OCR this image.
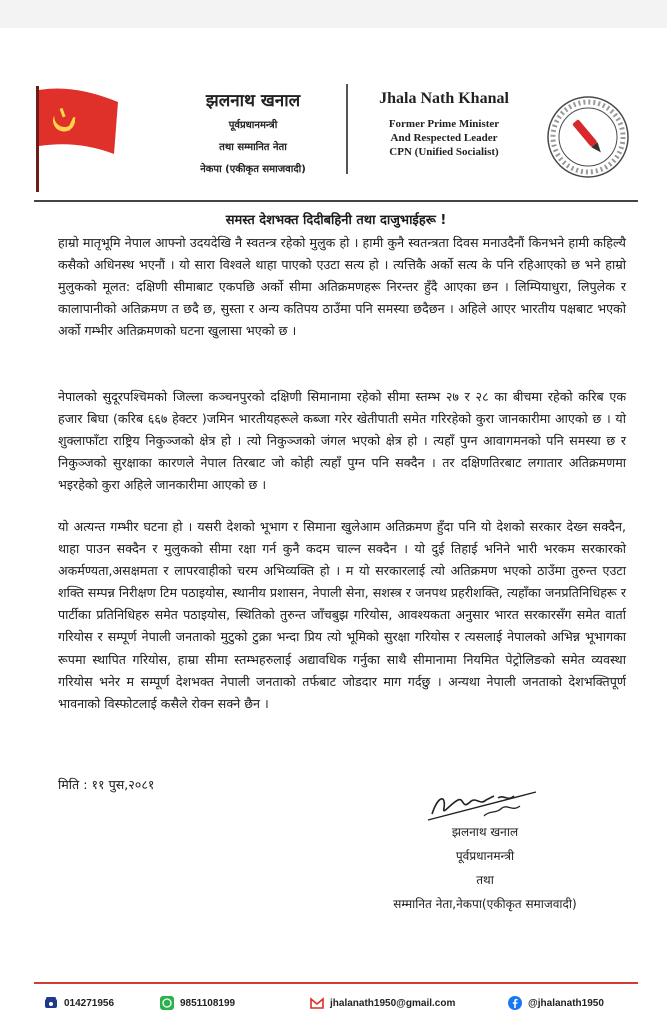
झलनाथ खनाल
पूर्वप्रधानमन्त्री
तथा सम्मानित नेता
नेकपा (एकीकृत समाजवादी)
Jhala Nath Khanal
Former Prime Minister
And Respected Leader
CPN (Unified Socialist)
समस्त देशभक्त दिदीबहिनी तथा दाजुभाईहरू !

हाम्रो मातृभूमि नेपाल आफ्नो उदयदेखि नै स्वतन्त्र रहेको मुलुक हो । हामी कुनै स्वतन्त्रता दिवस मनाउदैनौं किनभने हामी कहिल्यै कसैको अधिनस्थ भएनौं । यो सारा विश्वले थाहा पाएको एउटा सत्य हो । त्यत्तिकै अर्को सत्य के पनि रहिआएको छ भने हाम्रो मुलुकको मूलत: दक्षिणी सीमाबाट एकपछि अर्को सीमा अतिक्रमणहरू निरन्तर हुँदै आएका छन । लिम्पियाधुरा, लिपुलेक र कालापानीको अतिक्रमण त छदै छ, सुस्ता र अन्य कतिपय ठाउँमा पनि समस्या छदैछन । अहिले आएर भारतीय पक्षबाट भएको अर्को गम्भीर अतिक्रमणको घटना खुलासा भएको छ ।

नेपालको सुदूरपश्चिमको जिल्ला कञ्चनपुरको दक्षिणी सिमानामा रहेको सीमा स्तम्भ २७ र २८ का बीचमा रहेको करिब एक हजार बिघा (करिब ६६७ हेक्टर )जमिन भारतीयहरूले कब्जा गरेर खेतीपाती समेत गरिरहेको कुरा जानकारीमा आएको छ । यो शुक्लाफाँटा राष्ट्रिय निकुञ्जको क्षेत्र हो । त्यो निकुञ्जको जंगल भएको क्षेत्र हो । त्यहाँ पुग्न आवागमनको पनि समस्या छ र निकुञ्जको सुरक्षाका कारणले नेपाल तिरबाट जो कोही त्यहाँ पुग्न पनि सक्दैन । तर दक्षिणतिरबाट लगातार अतिक्रमणमा भइरहेको कुरा अहिले जानकारीमा आएको छ ।

यो अत्यन्त गम्भीर घटना हो । यसरी देशको भूभाग र सिमाना खुलेआम अतिक्रमण हुँदा पनि यो देशको सरकार देख्न सक्दैन, थाहा पाउन सक्दैन र मुलुकको सीमा रक्षा गर्न कुनै कदम चाल्न सक्दैन । यो दुई तिहाई भनिने भारी भरकम सरकारको अकर्मण्यता,असक्षमता र लापरवाहीको चरम अभिव्यक्ति हो । म यो सरकारलाई त्यो अतिक्रमण भएको ठाउँमा तुरुन्त एउटा शक्ति सम्पन्न निरीक्षण टिम पठाइयोस, स्थानीय प्रशासन, नेपाली सेना, सशस्त्र र जनपथ प्रहरीशक्ति, त्यहाँका जनप्रतिनिधिहरू र पार्टीका प्रतिनिधिहरु समेत पठाइयोस, स्थितिको तुरुन्त जाँचबुझ गरियोस, आवश्यकता अनुसार भारत सरकारसँग समेत वार्ता गरियोस र सम्पूर्ण नेपाली जनताको मुटुको टुक्रा भन्दा प्रिय त्यो भूमिको सुरक्षा गरियोस र त्यसलाई नेपालको अभिन्न भूभागका रूपमा स्थापित गरियोस, हाम्रा सीमा स्तम्भहरुलाई अद्यावधिक गर्नुका साथै सीमानामा नियमित पेट्रोलिङको समेत व्यवस्था गरियोस भनेर म सम्पूर्ण देशभक्त नेपाली जनताको तर्फबाट जोडदार माग गर्दछु । अन्यथा नेपाली जनताको देशभक्तिपूर्ण भावनाको विस्फोटलाई कसैले रोक्न सक्ने छैन ।

मिति : ११ पुस,२०८१
झलनाथ खनाल
पूर्वप्रधानमन्त्री
तथा
सम्मानित नेता,नेकपा(एकीकृत समाजवादी)
014271956	9851108199	jhalanath1950@gmail.com	@jhalanath1950
